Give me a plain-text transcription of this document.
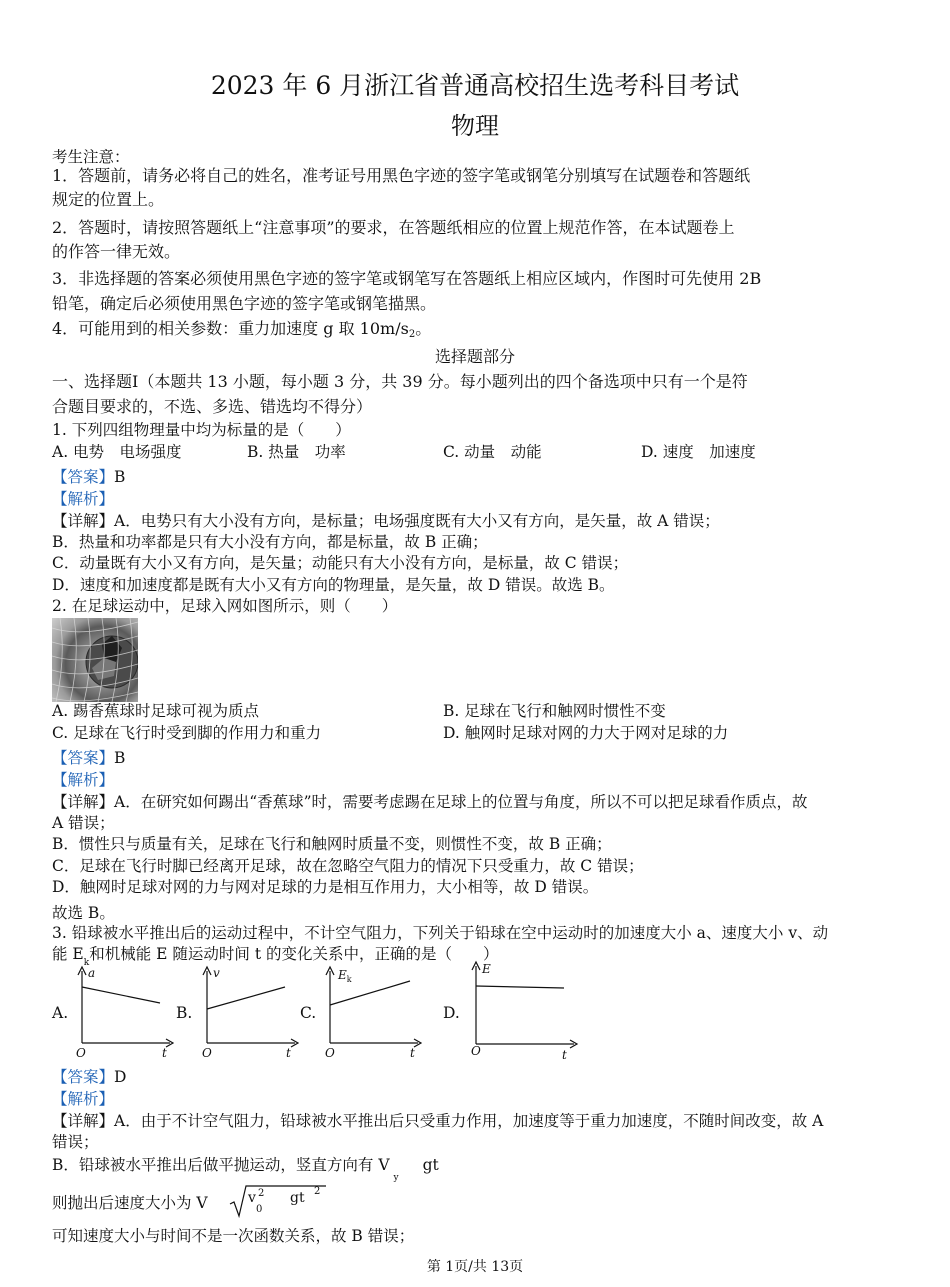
2023 年 6 月浙江省普通高校招生选考科目考试
物理
考生注意：
1．答题前，请务必将自己的姓名，准考证号用黑色字迹的签字笔或钢笔分别填写在试题卷和答题纸
规定的位置上。
2．答题时，请按照答题纸上“注意事项”的要求，在答题纸相应的位置上规范作答，在本试题卷上
的作答一律无效。
3．非选择题的答案必须使用黑色字迹的签字笔或钢笔写在答题纸上相应区域内，作图时可先使用 2B
铅笔，确定后必须使用黑色字迹的签字笔或钢笔描黑。
4．可能用到的相关参数：重力加速度 g 取 10m/s2。
选择题部分
一、选择题Ⅰ（本题共 13 小题，每小题 3 分，共 39 分。每小题列出的四个备选项中只有一个是符
合题目要求的，不选、多选、错选均不得分）
1. 下列四组物理量中均为标量的是（　　）
A. 电势　电场强度	B. 热量　功率	C. 动量　动能	D. 速度　加速度
【答案】B
【解析】
【详解】A．电势只有大小没有方向，是标量；电场强度既有大小又有方向，是矢量，故 A 错误；
B．热量和功率都是只有大小没有方向，都是标量，故 B 正确；
C．动量既有大小又有方向，是矢量；动能只有大小没有方向，是标量，故 C 错误；
D．速度和加速度都是既有大小又有方向的物理量，是矢量，故 D 错误。故选 B。
2. 在足球运动中，足球入网如图所示，则（　　）
A. 踢香蕉球时足球可视为质点	B. 足球在飞行和触网时惯性不变
C. 足球在飞行时受到脚的作用力和重力	D. 触网时足球对网的力大于网对足球的力
【答案】B
【解析】
【详解】A．在研究如何踢出“香蕉球”时，需要考虑踢在足球上的位置与角度，所以不可以把足球看作质点，故
A 错误；
B．惯性只与质量有关，足球在飞行和触网时质量不变，则惯性不变，故 B 正确；
C．足球在飞行时脚已经离开足球，故在忽略空气阻力的情况下只受重力，故 C 错误；
D．触网时足球对网的力与网对足球的力是相互作用力，大小相等，故 D 错误。
故选 B。
3. 铅球被水平推出后的运动过程中，不计空气阻力，下列关于铅球在空中运动时的加速度大小 a、速度大小 v、动
能 $E_k$和机械能 E 随运动时间 t 的变化关系中，正确的是（　　）
A.
a
O	t
B.
v
O	t
C.
$E_k$
O	t
D.
E
O	t
【答案】D
【解析】
【详解】A．由于不计空气阻力，铅球被水平推出后只受重力作用，加速度等于重力加速度，不随时间改变，故 A
错误；
B．铅球被水平推出后做平抛运动，竖直方向有 $V_ygt$
则抛出后速度大小为 V	v 2
0
gt 2
可知速度大小与时间不是一次函数关系，故 B 错误；
第 1页/共 13页
